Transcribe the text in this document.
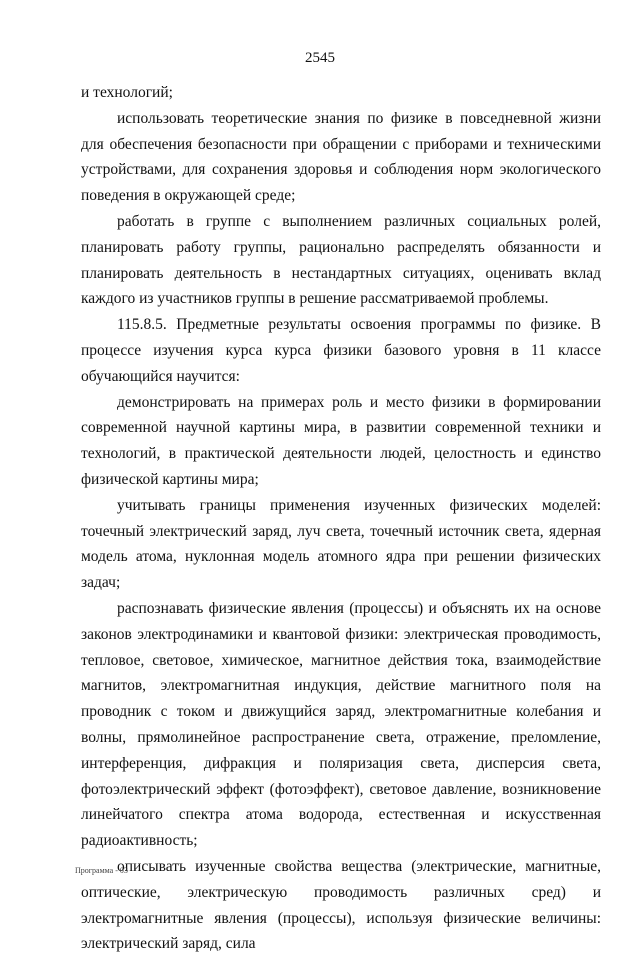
2545

и технологий;

использовать теоретические знания по физике в повседневной жизни для обеспечения безопасности при обращении с приборами и техническими устройствами, для сохранения здоровья и соблюдения норм экологического поведения в окружающей среде;

работать в группе с выполнением различных социальных ролей, планировать работу группы, рационально распределять обязанности и планировать деятельность в нестандартных ситуациях, оценивать вклад каждого из участников группы в решение рассматриваемой проблемы.

115.8.5. Предметные результаты освоения программы по физике. В процессе изучения курса курса физики базового уровня в 11 классе обучающийся научится:

демонстрировать на примерах роль и место физики в формировании современной научной картины мира, в развитии современной техники и технологий, в практической деятельности людей, целостность и единство физической картины мира;

учитывать границы применения изученных физических моделей: точечный электрический заряд, луч света, точечный источник света, ядерная модель атома, нуклонная модель атомного ядра при решении физических задач;

распознавать физические явления (процессы) и объяснять их на основе законов электродинамики и квантовой физики: электрическая проводимость, тепловое, световое, химическое, магнитное действия тока, взаимодействие магнитов, электромагнитная индукция, действие магнитного поля на проводник с током и движущийся заряд, электромагнитные колебания и волны, прямолинейное распространение света, отражение, преломление, интерференция, дифракция и поляризация света, дисперсия света, фотоэлектрический эффект (фотоэффект), световое давление, возникновение линейчатого спектра атома водорода, естественная и искусственная радиоактивность;

описывать изученные свойства вещества (электрические, магнитные, оптические, электрическую проводимость различных сред) и электромагнитные явления (процессы), используя физические величины: электрический заряд, сила

Программа - 03
